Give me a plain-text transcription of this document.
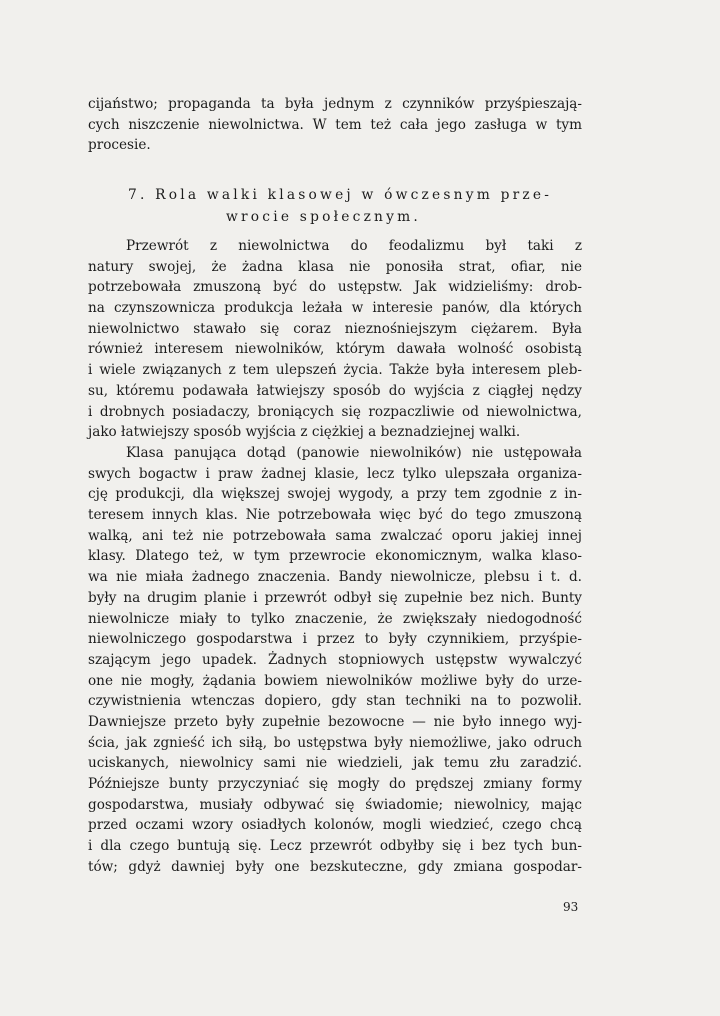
cijaństwo; propaganda ta była jednym z czynników przyśpieszają-
cych niszczenie niewolnictwa. W tem też cała jego zasługa w tym
procesie.
7. Rola walki klasowej w ówczesnym prze-
wrocie społecznym.
Przewrót z niewolnictwa do feodalizmu był taki z
natury swojej, że żadna klasa nie ponosiła strat, ofiar, nie
potrzebowała zmuszoną być do ustępstw. Jak widzieliśmy: drob-
na czynszownicza produkcja leżała w interesie panów, dla których
niewolnictwo stawało się coraz nieznośniejszym ciężarem. Była
również interesem niewolników, którym dawała wolność osobistą
i wiele związanych z tem ulepszeń życia. Także była interesem pleb-
su, któremu podawała łatwiejszy sposób do wyjścia z ciągłej nędzy
i drobnych posiadaczy, broniących się rozpaczliwie od niewolnictwa,
jako łatwiejszy sposób wyjścia z ciężkiej a beznadziejnej walki.
Klasa panująca dotąd (panowie niewolników) nie ustępowała
swych bogactw i praw żadnej klasie, lecz tylko ulepszała organiza-
cję produkcji, dla większej swojej wygody, a przy tem zgodnie z in-
teresem innych klas. Nie potrzebowała więc być do tego zmuszoną
walką, ani też nie potrzebowała sama zwalczać oporu jakiej innej
klasy. Dlatego też, w tym przewrocie ekonomicznym, walka klaso-
wa nie miała żadnego znaczenia. Bandy niewolnicze, plebsu i t. d.
były na drugim planie i przewrót odbył się zupełnie bez nich. Bunty
niewolnicze miały to tylko znaczenie, że zwiększały niedogodność
niewolniczego gospodarstwa i przez to były czynnikiem, przyśpie-
szającym jego upadek. Żadnych stopniowych ustępstw wywalczyć
one nie mogły, żądania bowiem niewolników możliwe były do urze-
czywistnienia wtenczas dopiero, gdy stan techniki na to pozwolił.
Dawniejsze przeto były zupełnie bezowocne — nie było innego wyj-
ścia, jak zgnieść ich siłą, bo ustępstwa były niemożliwe, jako odruch
uciskanych, niewolnicy sami nie wiedzieli, jak temu złu zaradzić.
Późniejsze bunty przyczyniać się mogły do prędszej zmiany formy
gospodarstwa, musiały odbywać się świadomie; niewolnicy, mając
przed oczami wzory osiadłych kolonów, mogli wiedzieć, czego chcą
i dla czego buntują się. Lecz przewrót odbyłby się i bez tych bun-
tów; gdyż dawniej były one bezskuteczne, gdy zmiana gospodar-
93
